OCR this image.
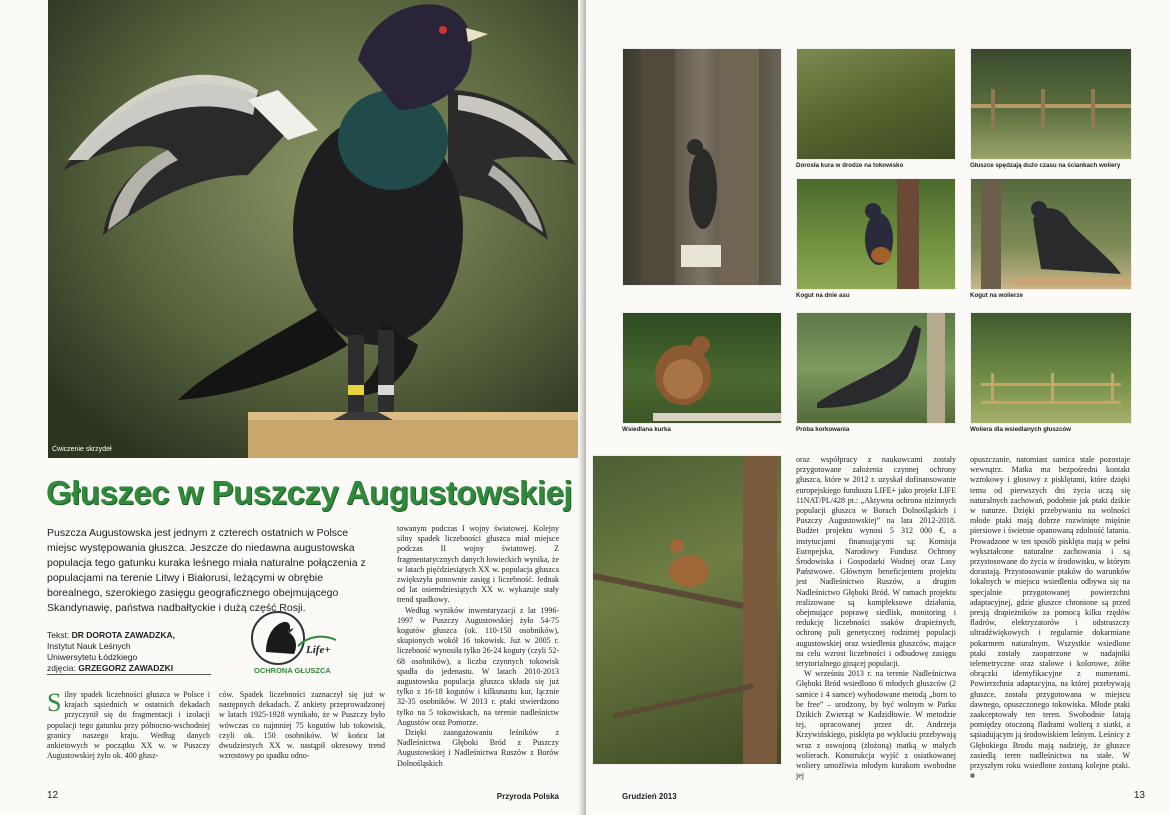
Ćwiczenie skrzydeł
Głuszec w Puszczy Augustowskiej
Puszcza Augustowska jest jednym z czterech ostatnich w Polsce miejsc występowania głuszca. Jeszcze do niedawna augustowska populacja tego gatunku kuraka leśnego miała naturalne połączenia z populacjami na terenie Litwy i Białorusi, leżącymi w obrębie borealnego, szerokiego zasięgu geograficznego obejmującego Skandynawię, państwa nadbałtyckie i dużą część Rosji.
Tekst: DR DOROTA ZAWADZKA,
Instytut Nauk Leśnych
Uniwersytetu Łódzkiego
zdjęcia: GRZEGORZ ZAWADZKI
Life+
OCHRONA GŁUSZCA
Silny spadek liczebności głuszca w Polsce i krajach sąsiednich w ostatnich dekadach przyczynił się do fragmentacji i izolacji populacji tego gatunku przy północno-wschodniej granicy naszego kraju. Według danych ankietowych w początku XX w. w Puszczy Augustowskiej żyło ok. 400 głusz-
ców. Spadek liczebności zaznaczył się już w następnych dekadach. Z ankiety przeprowadzonej w latach 1925-1928 wynikało, że w Puszczy było wówczas co najmniej 75 kogutów lub tokowisk, czyli ok. 150 osobników. W końcu lat dwudziestych XX w. nastąpił okresowy trend wzrostowy po spadku odno-
towanym podczas I wojny światowej. Kolejny silny spadek liczebności głuszca miał miejsce podczas II wojny światowej. Z fragmentarycznych danych łowieckich wynika, że w latach pięćdziesiątych XX w. populacja głuszca zwiększyła ponownie zasięg i liczebność. Jednak od lat osiemdziesiątych XX w. wykazuje stały trend spadkowy.
Według wyników inwentaryzacji z lat 1996-1997 w Puszczy Augustowskiej żyło 54-75 kogutów głuszca (ok. 110-150 osobników), skupionych wokół 16 tokowisk. Już w 2005 r. liczebność wynosiła tylko 26-24 koguty (czyli 52-68 osobników), a liczba czynnych tokowisk spadła do jedenastu. W latach 2010-2013 augustowska populacja głuszca składa się już tylko z 16-18 kogutów i kilkunastu kur, łącznie 32-35 osobników. W 2013 r. ptaki stwierdzono tylko na 5 tokowiskach, na terenie nadleśnictw Augustów oraz Pomorze.
Dzięki zaangażowaniu leśników z Nadleśnictwa Głęboki Bród z Puszczy Augustowskiej i Nadleśnictwa Ruszów z Borów Dolnośląskich
12	Przyroda Polska
Dorosła kura w drodze na tokowisko	Głuszce spędzają dużo czasu na ściankach woliery
Kogut na dnie asu	Kogut na wolierze
Wsiedlana kurka	Próba korkowania	Woliera dla wsiedlanych głuszców
oraz współpracy z naukowcami zostały przygotowane założenia czynnej ochrony głuszca, które w 2012 r. uzyskał dofinansowanie europejskiego funduszu LIFE+ jako projekt LIFE 11NAT/PL/428 pt.: „Aktywna ochrona nizinnych populacji głuszca w Borach Dolnośląskich i Puszczy Augustowskiej” na lata 2012-2018. Budżet projektu wynosi 5 312 000 €, a instytucjami finansującymi są: Komisja Europejska, Narodowy Fundusz Ochrony Środowiska i Gospodarki Wodnej oraz Lasy Państwowe. Głównym beneficjentem projektu jest Nadleśnictwo Ruszów, a drugim Nadleśnictwo Głęboki Bród. W ramach projektu realizowane są kompleksowe działania, obejmujące poprawę siedlisk, monitoring i redukcję liczebności ssaków drapieżnych, ochronę puli genetycznej rodzimej populacji augustowskiej oraz wsiedlenia głuszców, mające na celu wzrost liczebności i odbudowę zasięgu terytorialnego ginącej populacji.
W wrześniu 2013 r. na terenie Nadleśnictwa Głęboki Bród wsiedlono 6 młodych głuszców (2 samice i 4 samce) wyhodowane metodą „born to be free” – urodzony, by być wolnym w Parku Dzikich Zwierząt w Kadzidłowie. W metodzie tej, opracowanej przez dr. Andrzeja Krzywińskiego, pisklęta po wykluciu przebywają wraz z oswojoną (złożoną) matką w małych wolierach. Konstrukcja wyjść z osiatkowanej woliery umożliwia młodym kurakom swobodne jej
opuszczanie, natomiast samica stale pozostaje wewnątrz. Matka ma bezpośredni kontakt wzrokowy i głosowy z pisklętami, które dzięki temu od pierwszych dni życia uczą się naturalnych zachowań, podobnie jak ptaki dzikie w naturze. Dzięki przebywaniu na wolności młode ptaki mają dobrze rozwinięte mięśnie piersiowe i świetnie opanowaną zdolność latania. Prowadzone w ten sposób pisklęta mają w pełni wykształcone naturalne zachowania i są przystosowane do życia w środowisku, w którym dorastają. Przystosowanie ptaków do warunków lokalnych w miejscu wsiedlenia odbywa się na specjalnie przygotowanej powierzchni adaptacyjnej, gdzie głuszce chronione są przed presją drapieżników za pomocą kilku rzędów fladrów, elektryzatorów i odstraszczy ultradźwiękowych i regularnie dokarmiane pokarmem naturalnym. Wszystkie wsiedlone ptaki zostały zaopatrzone w nadajniki telemetryczne oraz stalowe i kolorowe, żółte obrączki identyfikacyjne z numerami. Powierzchnia adaptacyjna, na której przebywają głuszce, została przygotowana w miejscu dawnego, opuszczonego tokowiska. Młode ptaki zaakceptowały ten teren. Swobodnie latają pomiędzy otoczoną fladrami wolierą z siatki, a sąsiadującym ją środowiskiem leśnym. Leśnicy z Głębokiego Brodu mają nadzieję, że głuszce zasiedlą teren nadleśnictwa na stałe. W przyszłym roku wsiedlone zostaną kolejne ptaki. ■
Grudzień 2013	13
